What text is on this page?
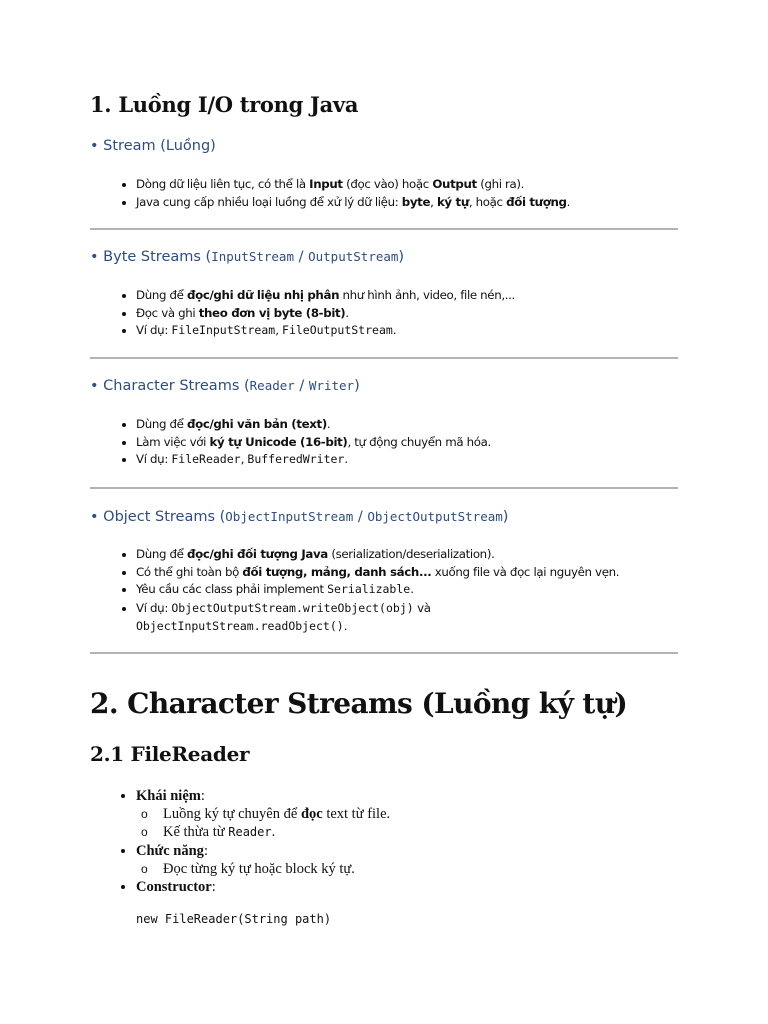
1. Luồng I/O trong Java
• Stream (Luồng)
• Dòng dữ liệu liên tục, có thể là Input (đọc vào) hoặc Output (ghi ra).
• Java cung cấp nhiều loại luồng để xử lý dữ liệu: byte, ký tự, hoặc đối tượng.
• Byte Streams (InputStream / OutputStream)
• Dùng để đọc/ghi dữ liệu nhị phân như hình ảnh, video, file nén,...
• Đọc và ghi theo đơn vị byte (8-bit).
• Ví dụ: FileInputStream, FileOutputStream.
• Character Streams (Reader / Writer)
• Dùng để đọc/ghi văn bản (text).
• Làm việc với ký tự Unicode (16-bit), tự động chuyển mã hóa.
• Ví dụ: FileReader, BufferedWriter.
• Object Streams (ObjectInputStream / ObjectOutputStream)
• Dùng để đọc/ghi đối tượng Java (serialization/deserialization).
• Có thể ghi toàn bộ đối tượng, mảng, danh sách... xuống file và đọc lại nguyên vẹn.
• Yêu cầu các class phải implement Serializable.
• Ví dụ: ObjectOutputStream.writeObject(obj) và
ObjectInputStream.readObject().
2. Character Streams (Luồng ký tự)
2.1 FileReader
• Khái niệm:
o Luồng ký tự chuyên để đọc text từ file.
o Kế thừa từ Reader.
• Chức năng:
o Đọc từng ký tự hoặc block ký tự.
• Constructor:
new FileReader(String path)
